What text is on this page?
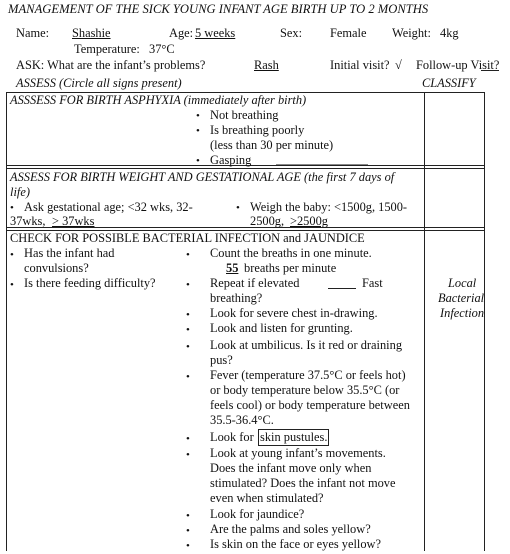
MANAGEMENT OF THE SICK YOUNG INFANT AGE BIRTH UP TO 2 MONTHS
Name: Shashie	Age: 5 weeks	Sex: Female Weight: 4kg
Temperature: 37°C
ASK: What are the infant’s problems?	Rash	Initial visit? √ Follow-up Visit?
ASSESS (Circle all signs present)	CLASSIFY
ASSSESS FOR BIRTH ASPHYXIA (immediately after birth)
• Not breathing
• Is breathing poorly
(less than 30 per minute)
• Gasping
ASSESS FOR BIRTH WEIGHT AND GESTATIONAL AGE (the first 7 days of
life)
• Ask gestational age; <32 wks, 32-
37wks, > 37wks
• Weigh the baby: <1500g, 1500-
2500g, >2500g
CHECK FOR POSSIBLE BACTERIAL INFECTION and JAUNDICE
• Has the infant had
convulsions?
• Is there feeding difficulty?
• Count the breaths in one minute.
55 breaths per minute
• Repeat if elevated	Fast
breathing?
• Look for severe chest in-drawing.
• Look and listen for grunting.
• Look at umbilicus. Is it red or draining
pus?
• Fever (temperature 37.5°C or feels hot)
or body temperature below 35.5°C (or
feels cool) or body temperature between
35.5-36.4°C.
• Look for skin pustules.
• Look at young infant’s movements.
Does the infant move only when
stimulated? Does the infant not move
even when stimulated?
• Look for jaundice?
• Are the palms and soles yellow?
• Is skin on the face or eyes yellow?
Local
Bacterial
Infection
